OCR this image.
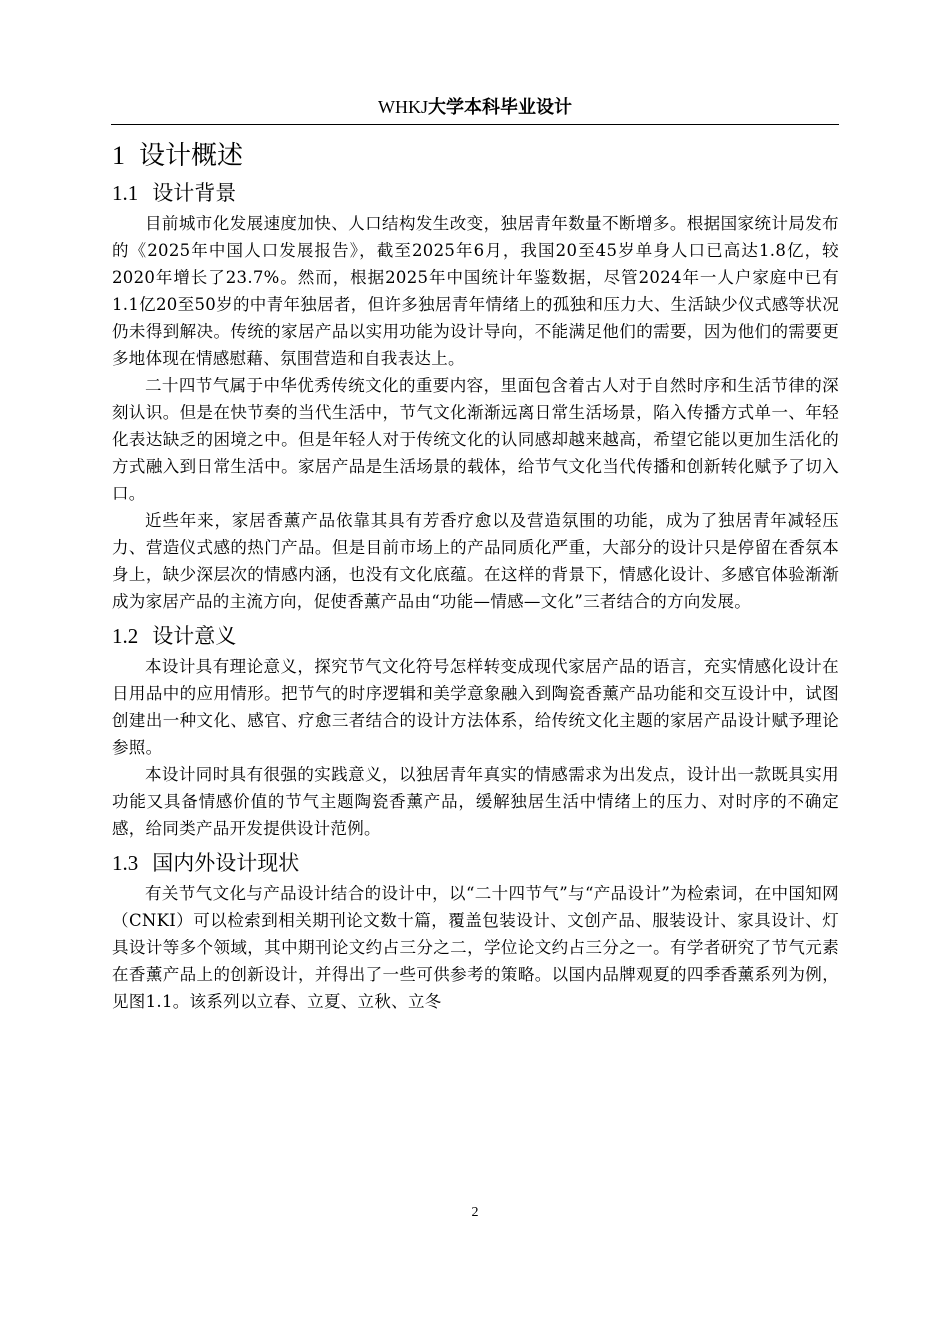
WHKJ大学本科毕业设计
1 设计概述
1.1 设计背景

目前城市化发展速度加快、人口结构发生改变，独居青年数量不断增多。根据国家统计局发布的《2025年中国人口发展报告》，截至2025年6月，我国20至45岁单身人口已高达1.8亿，较2020年增长了23.7%。然而，根据2025年中国统计年鉴数据，尽管2024年一人户家庭中已有1.1亿20至50岁的中青年独居者，但许多独居青年情绪上的孤独和压力大、生活缺少仪式感等状况仍未得到解决。传统的家居产品以实用功能为设计导向，不能满足他们的需要，因为他们的需要更多地体现在情感慰藉、氛围营造和自我表达上。

二十四节气属于中华优秀传统文化的重要内容，里面包含着古人对于自然时序和生活节律的深刻认识。但是在快节奏的当代生活中，节气文化渐渐远离日常生活场景，陷入传播方式单一、年轻化表达缺乏的困境之中。但是年轻人对于传统文化的认同感却越来越高，希望它能以更加生活化的方式融入到日常生活中。家居产品是生活场景的载体，给节气文化当代传播和创新转化赋予了切入口。

近些年来，家居香薰产品依靠其具有芳香疗愈以及营造氛围的功能，成为了独居青年减轻压力、营造仪式感的热门产品。但是目前市场上的产品同质化严重，大部分的设计只是停留在香氛本身上，缺少深层次的情感内涵，也没有文化底蕴。在这样的背景下，情感化设计、多感官体验渐渐成为家居产品的主流方向，促使香薰产品由“功能—情感—文化”三者结合的方向发展。

1.2 设计意义

本设计具有理论意义，探究节气文化符号怎样转变成现代家居产品的语言，充实情感化设计在日用品中的应用情形。把节气的时序逻辑和美学意象融入到陶瓷香薰产品功能和交互设计中，试图创建出一种文化、感官、疗愈三者结合的设计方法体系，给传统文化主题的家居产品设计赋予理论参照。

本设计同时具有很强的实践意义，以独居青年真实的情感需求为出发点，设计出一款既具实用功能又具备情感价值的节气主题陶瓷香薰产品，缓解独居生活中情绪上的压力、对时序的不确定感，给同类产品开发提供设计范例。

1.3 国内外设计现状

有关节气文化与产品设计结合的设计中，以“二十四节气”与“产品设计”为检索词，在中国知网（CNKI）可以检索到相关期刊论文数十篇，覆盖包装设计、文创产品、服装设计、家具设计、灯具设计等多个领域，其中期刊论文约占三分之二，学位论文约占三分之一。有学者研究了节气元素在香薰产品上的创新设计，并得出了一些可供参考的策略。以国内品牌观夏的四季香薰系列为例，见图1.1。该系列以立春、立夏、立秋、立冬

2
